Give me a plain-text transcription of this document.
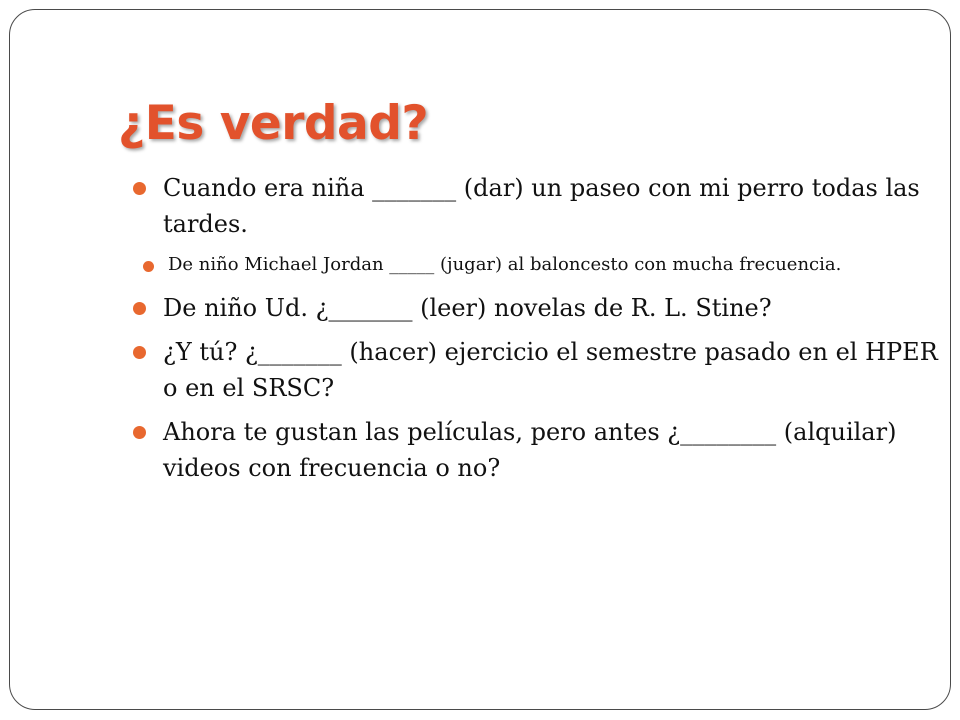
¿Es verdad?
Cuando era niña _______ (dar) un paseo con mi perro todas las tardes.
De niño Michael Jordan _____ (jugar) al baloncesto con mucha frecuencia.
De niño Ud. ¿_______ (leer) novelas de R. L. Stine?
¿Y tú? ¿_______ (hacer) ejercicio el semestre pasado en el HPER o en el SRSC?
Ahora te gustan las películas, pero antes ¿________ (alquilar) videos con frecuencia o no?
